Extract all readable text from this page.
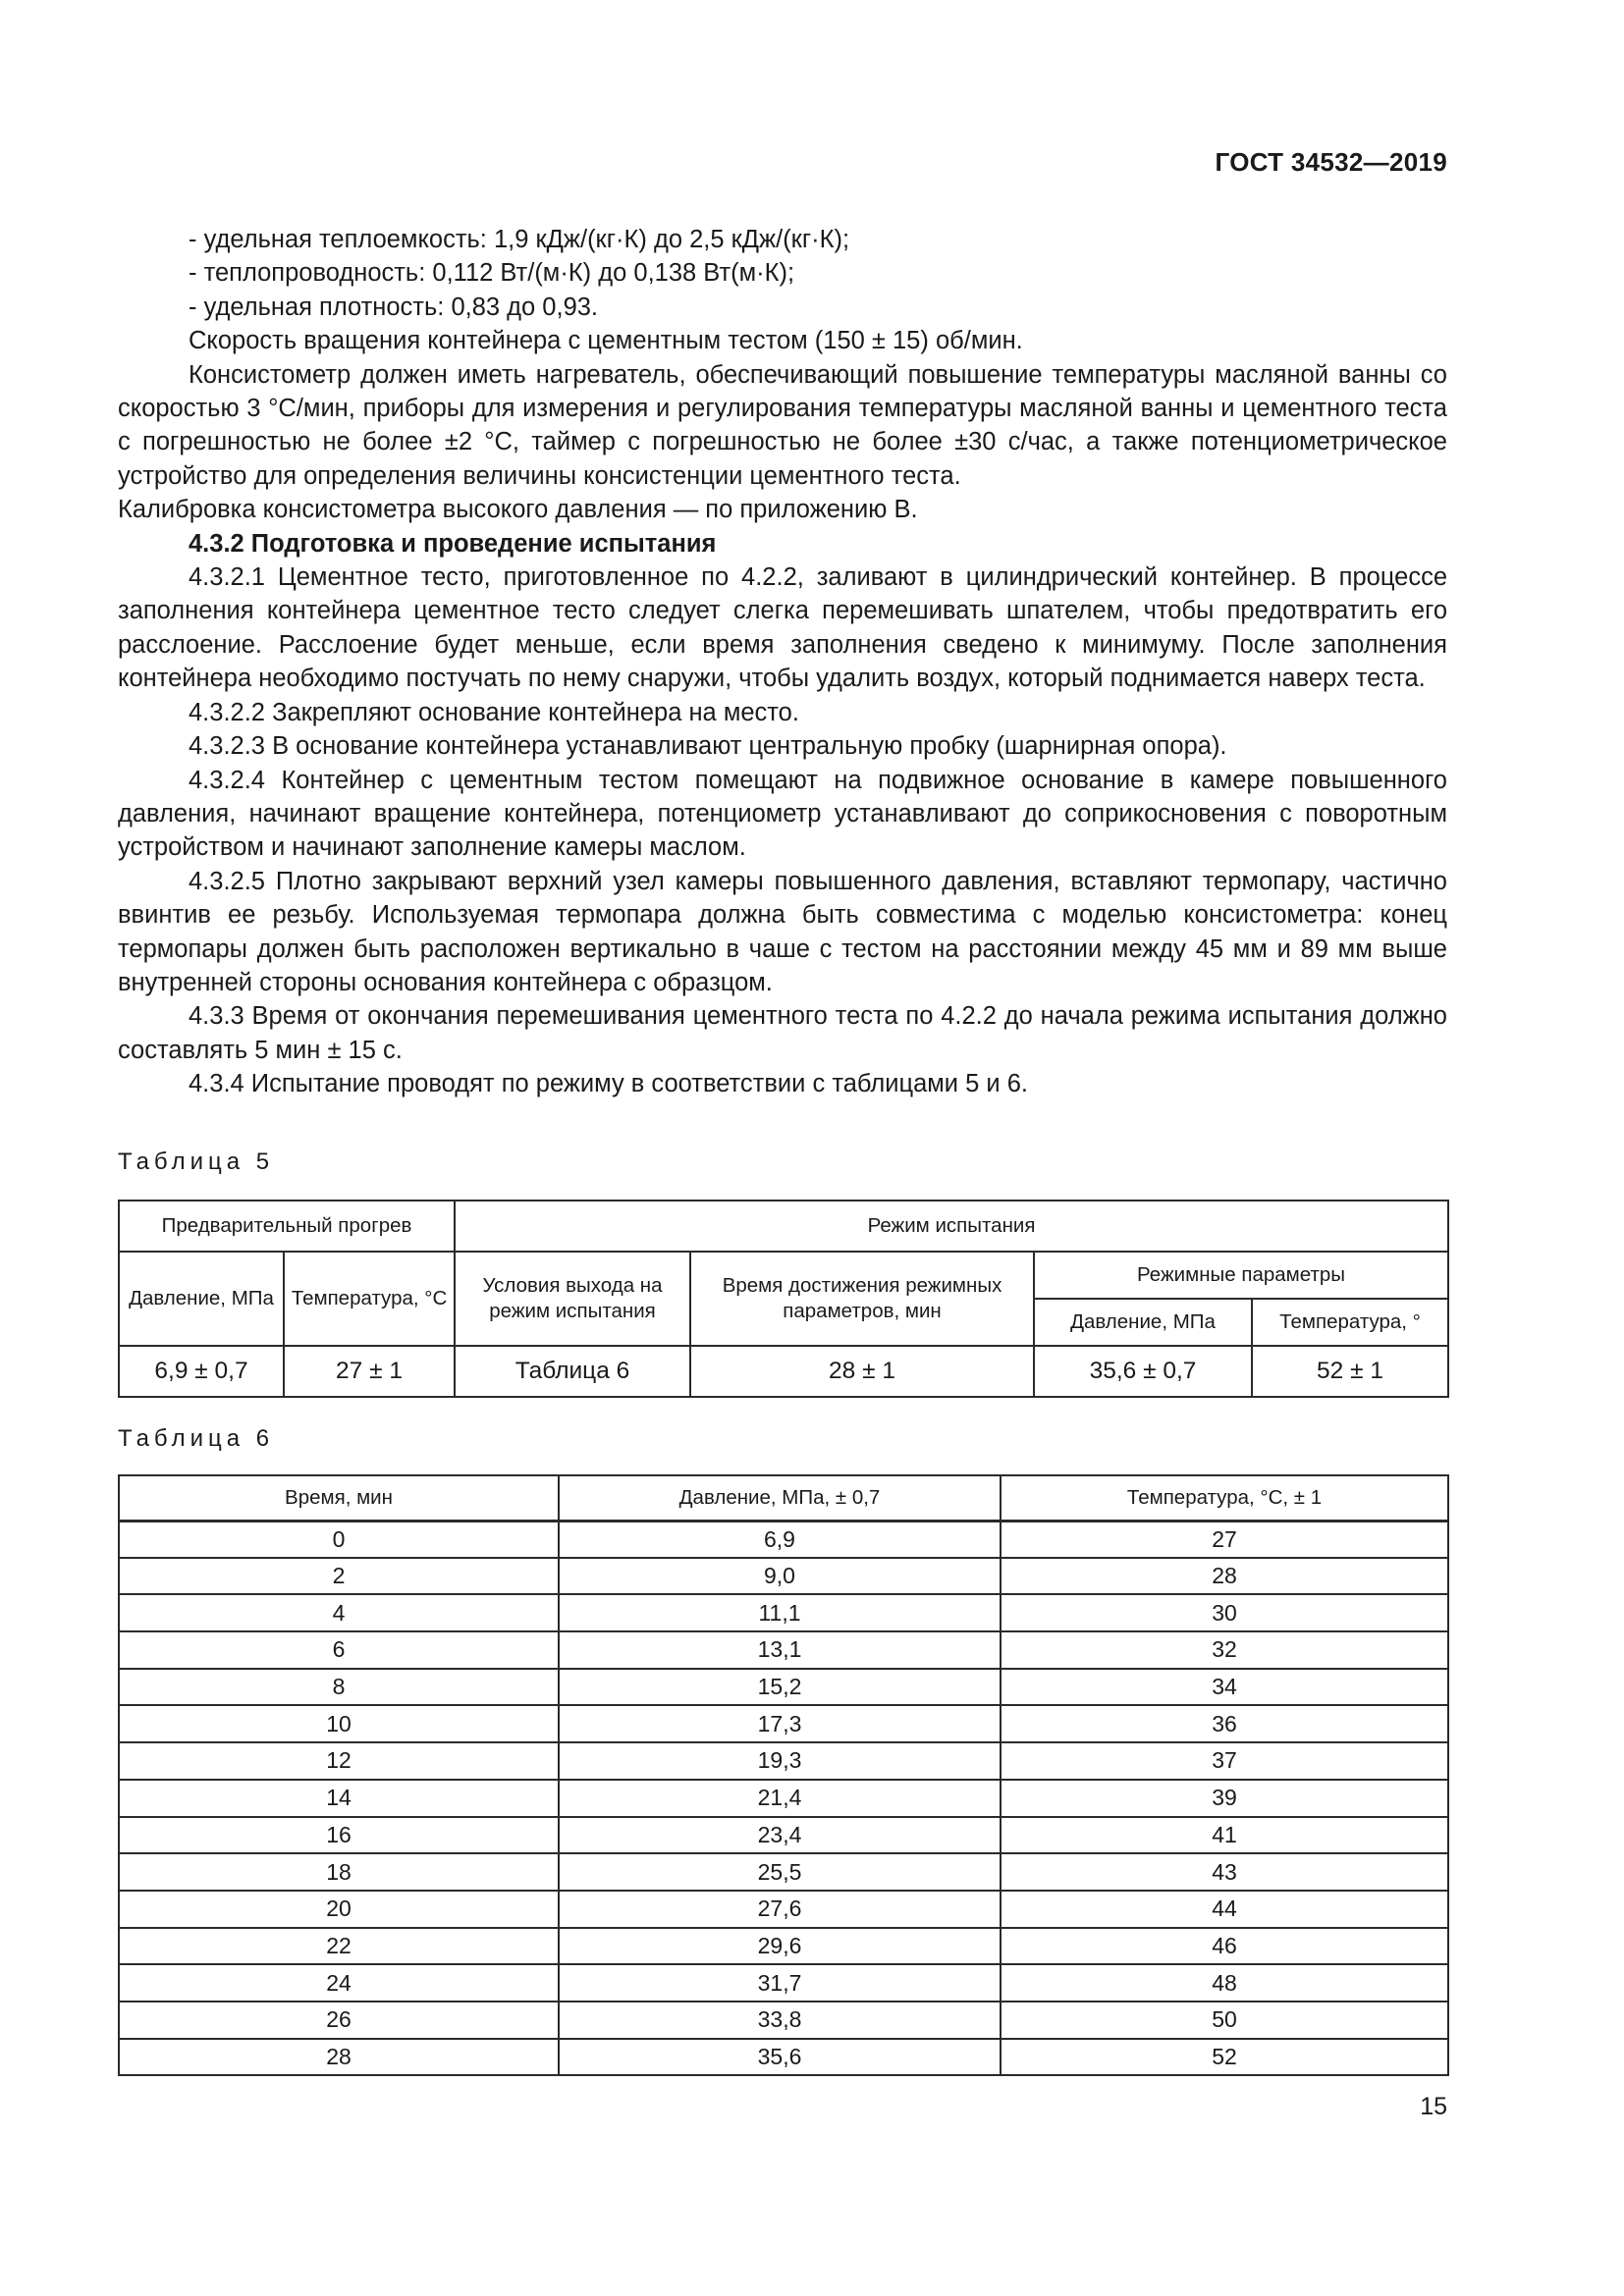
ГОСТ 34532—2019

- удельная теплоемкость: 1,9 кДж/(кг·К) до 2,5 кДж/(кг·К);

- теплопроводность: 0,112 Вт/(м·К) до 0,138 Вт(м·К);

- удельная плотность: 0,83 до 0,93.

Скорость вращения контейнера с цементным тестом (150 ± 15) об/мин.

Консистометр должен иметь нагреватель, обеспечивающий повышение температуры масляной ванны со скоростью 3 °С/мин, приборы для измерения и регулирования температуры масляной ванны и цементного теста с погрешностью не более ±2 °С, таймер с погрешностью не более ±30 с/час, а также потенциометрическое устройство для определения величины консистенции цементного теста.

Калибровка консистометра высокого давления — по приложению В.

4.3.2 Подготовка и проведение испытания

4.3.2.1 Цементное тесто, приготовленное по 4.2.2, заливают в цилиндрический контейнер. В процессе заполнения контейнера цементное тесто следует слегка перемешивать шпателем, чтобы предотвратить его расслоение. Расслоение будет меньше, если время заполнения сведено к минимуму. После заполнения контейнера необходимо постучать по нему снаружи, чтобы удалить воздух, который поднимается наверх теста.

4.3.2.2 Закрепляют основание контейнера на место.

4.3.2.3 В основание контейнера устанавливают центральную пробку (шарнирная опора).

4.3.2.4 Контейнер с цементным тестом помещают на подвижное основание в камере повышенного давления, начинают вращение контейнера, потенциометр устанавливают до соприкосновения с поворотным устройством и начинают заполнение камеры маслом.

4.3.2.5 Плотно закрывают верхний узел камеры повышенного давления, вставляют термопару, частично ввинтив ее резьбу. Используемая термопара должна быть совместима с моделью консистометра: конец термопары должен быть расположен вертикально в чаше с тестом на расстоянии между 45 мм и 89 мм выше внутренней стороны основания контейнера с образцом.

4.3.3 Время от окончания перемешивания цементного теста по 4.2.2 до начала режима испытания должно составлять 5 мин ± 15 с.

4.3.4 Испытание проводят по режиму в соответствии с таблицами 5 и 6.

Таблица 5
Предварительный прогрев		Режим испытания			
Давление, МПа	Температура, °С	Условия выхода на режим испытания	Время достижения режимных параметров, мин	Режимные параметры	
				Давление, МПа	Температура, °
6,9 ± 0,7	27 ± 1	Таблица 6	28 ± 1	35,6 ± 0,7	52 ± 1
Таблица 6
Время, мин	Давление, МПа, ± 0,7	Температура, °С, ± 1
0	6,9	27
2	9,0	28
4	11,1	30
6	13,1	32
8	15,2	34
10	17,3	36
12	19,3	37
14	21,4	39
16	23,4	41
18	25,5	43
20	27,6	44
22	29,6	46
24	31,7	48
26	33,8	50
28	35,6	52
15
